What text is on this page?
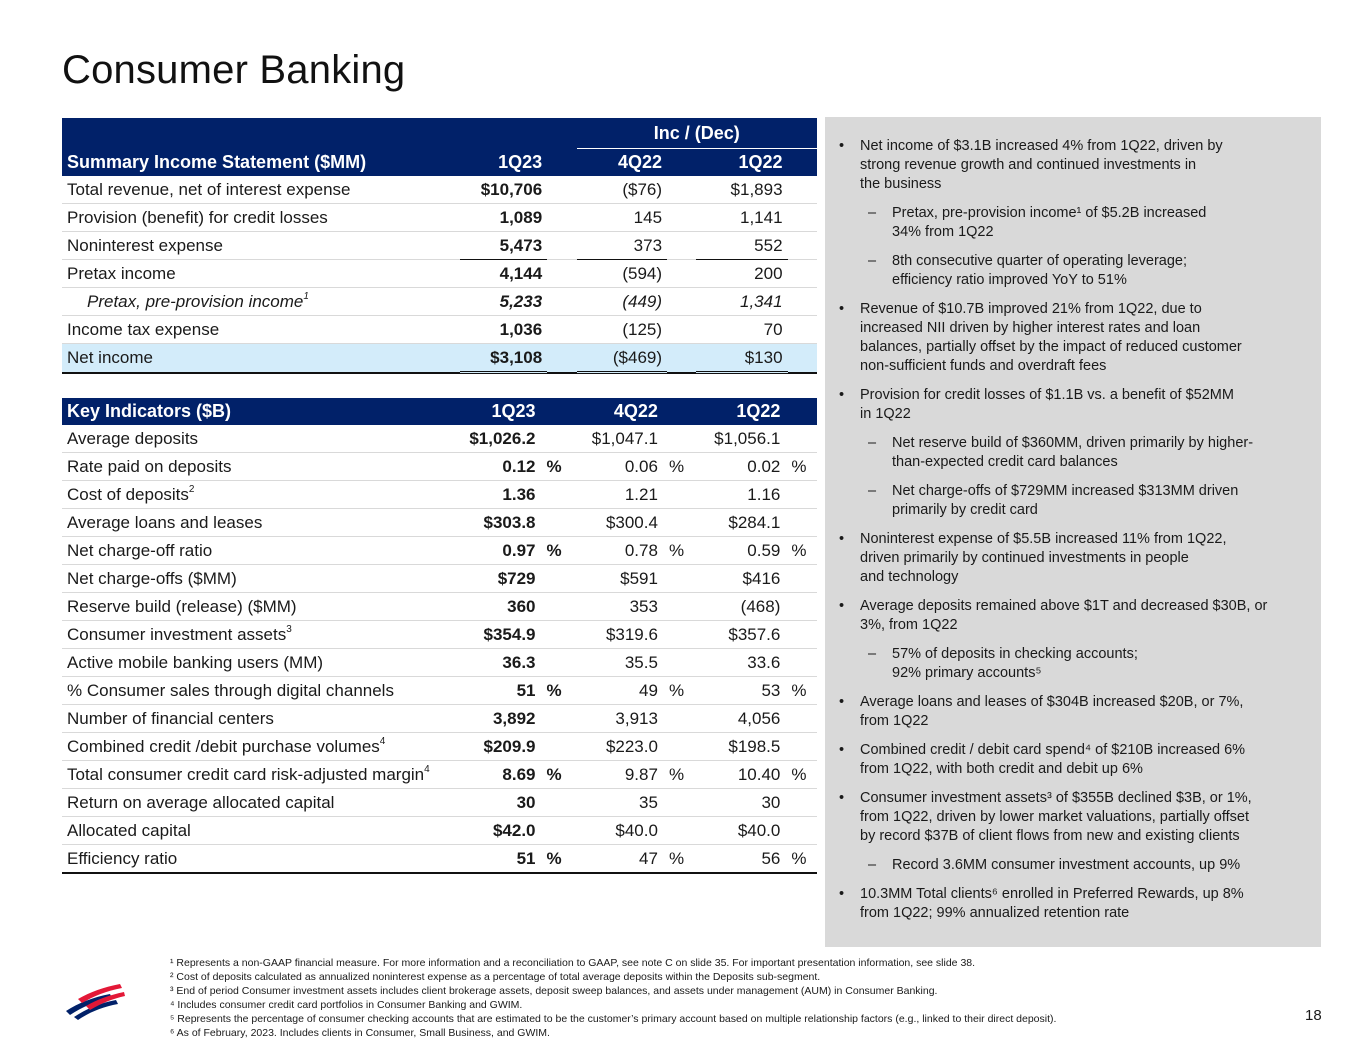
Consumer Banking
			Inc / (Dec)			
Summary Income Statement ($MM)	1Q23		4Q22		1Q22	
Total revenue, net of interest expense	$10,706		($76)		$1,893	
Provision (benefit) for credit losses	1,089		145		1,141	
Noninterest expense	5,473		373		552	
Pretax income	4,144		(594)		200	
Pretax, pre-provision income$^1$	5,233		(449)		1,341	
Income tax expense	1,036		(125)		70	
Net income	$3,108		($469)		$130	
Key Indicators ($B)	1Q23		4Q22		1Q22	
Average deposits	$1,026.2		$1,047.1		$1,056.1	
Rate paid on deposits	0.12	%	0.06	%	0.02	%
Cost of deposits$^2$	1.36		1.21		1.16	
Average loans and leases	$303.8		$300.4		$284.1	
Net charge-off ratio	0.97	%	0.78	%	0.59	%
Net charge-offs ($MM)	$729		$591		$416	
Reserve build (release) ($MM)	360		353		(468)	
Consumer investment assets$^3$	$354.9		$319.6		$357.6	
Active mobile banking users (MM)	36.3		35.5		33.6	
% Consumer sales through digital channels	51	%	49	%	53	%
Number of financial centers	3,892		3,913		4,056	
Combined credit /debit purchase volumes$^4$	$209.9		$223.0		$198.5	
Total consumer credit card risk-adjusted margin$^4$	8.69	%	9.87	%	10.40	%
Return on average allocated capital	30		35		30	
Allocated capital	$42.0		$40.0		$40.0	
Efficiency ratio	51	%	47	%	56	%
• Net income of $3.1B increased 4% from 1Q22, driven by
strong revenue growth and continued investments in
the business
– Pretax, pre-provision income¹ of $5.2B increased
34% from 1Q22
– 8th consecutive quarter of operating leverage;
efficiency ratio improved YoY to 51%
• Revenue of $10.7B improved 21% from 1Q22, due to
increased NII driven by higher interest rates and loan
balances, partially offset by the impact of reduced customer
non-sufficient funds and overdraft fees
• Provision for credit losses of $1.1B vs. a benefit of $52MM
in 1Q22
– Net reserve build of $360MM, driven primarily by higher-
than-expected credit card balances
– Net charge-offs of $729MM increased $313MM driven
primarily by credit card
• Noninterest expense of $5.5B increased 11% from 1Q22,
driven primarily by continued investments in people
and technology
• Average deposits remained above $1T and decreased $30B, or
3%, from 1Q22
– 57% of deposits in checking accounts;
92% primary accounts⁵
• Average loans and leases of $304B increased $20B, or 7%,
from 1Q22
• Combined credit / debit card spend⁴ of $210B increased 6%
from 1Q22, with both credit and debit up 6%
• Consumer investment assets³ of $355B declined $3B, or 1%,
from 1Q22, driven by lower market valuations, partially offset
by record $37B of client flows from new and existing clients
– Record 3.6MM consumer investment accounts, up 9%
• 10.3MM Total clients⁶ enrolled in Preferred Rewards, up 8%
from 1Q22; 99% annualized retention rate
¹ Represents a non-GAAP financial measure. For more information and a reconciliation to GAAP, see note C on slide 35. For important presentation information, see slide 38.
² Cost of deposits calculated as annualized noninterest expense as a percentage of total average deposits within the Deposits sub-segment.
³ End of period Consumer investment assets includes client brokerage assets, deposit sweep balances, and assets under management (AUM) in Consumer Banking.
⁴ Includes consumer credit card portfolios in Consumer Banking and GWIM.
⁵ Represents the percentage of consumer checking accounts that are estimated to be the customer’s primary account based on multiple relationship factors (e.g., linked to their direct deposit).
⁶ As of February, 2023. Includes clients in Consumer, Small Business, and GWIM.
18
